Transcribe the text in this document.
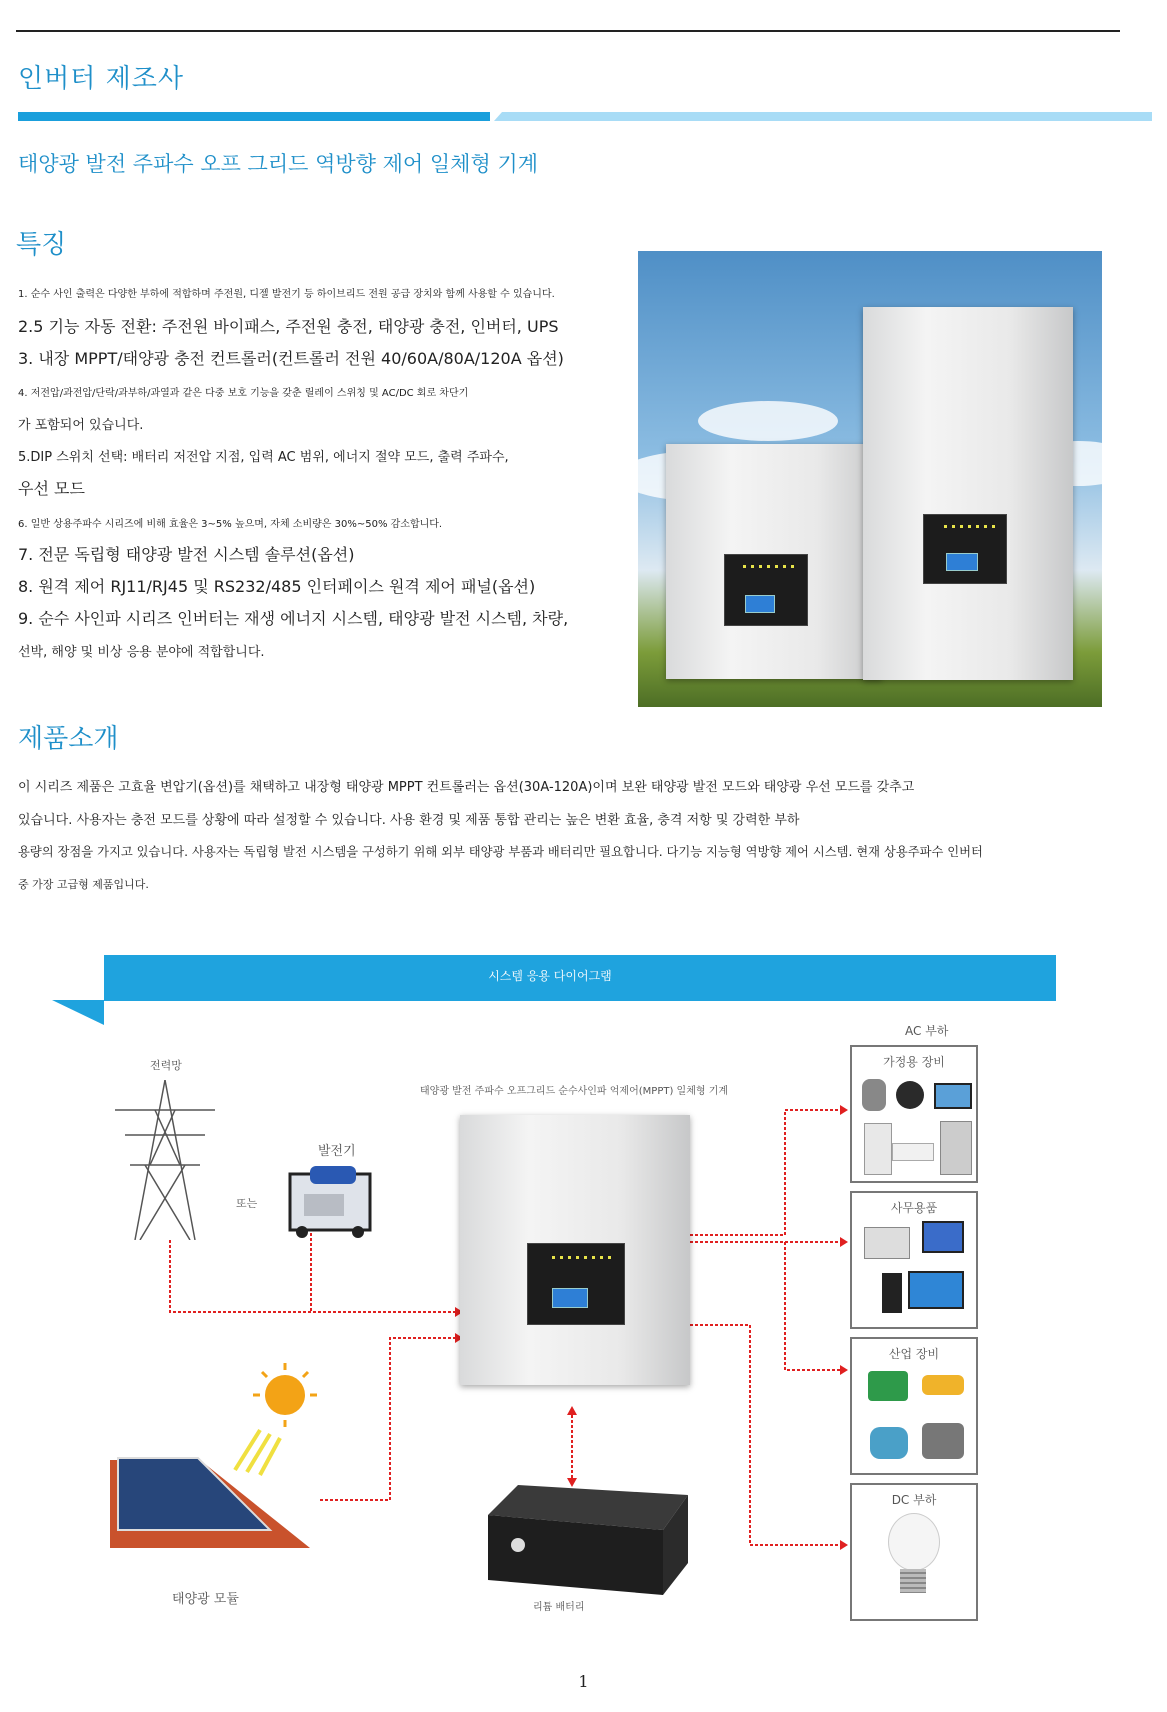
인버터 제조사
태양광 발전 주파수 오프 그리드 역방향 제어 일체형 기계
특징
1. 순수 사인 출력은 다양한 부하에 적합하며 주전원, 디젤 발전기 등 하이브리드 전원 공급 장치와 함께 사용할 수 있습니다.
2.5 기능 자동 전환: 주전원 바이패스, 주전원 충전, 태양광 충전, 인버터, UPS
3. 내장 MPPT/태양광 충전 컨트롤러(컨트롤러 전원 40/60A/80A/120A 옵션)
4. 저전압/과전압/단락/과부하/과열과 같은 다중 보호 기능을 갖춘 릴레이 스위칭 및 AC/DC 회로 차단기
가 포함되어 있습니다.
5.DIP 스위치 선택: 배터리 저전압 지점, 입력 AC 범위, 에너지 절약 모드, 출력 주파수,
우선 모드
6. 일반 상용주파수 시리즈에 비해 효율은 3~5% 높으며, 자체 소비량은 30%~50% 감소합니다.
7. 전문 독립형 태양광 발전 시스템 솔루션(옵션)
8. 원격 제어 RJ11/RJ45 및 RS232/485 인터페이스 원격 제어 패널(옵션)
9. 순수 사인파 시리즈 인버터는 재생 에너지 시스템, 태양광 발전 시스템, 차량,
선박, 해양 및 비상 응용 분야에 적합합니다.
제품소개
이 시리즈 제품은 고효율 변압기(옵션)를 채택하고 내장형 태양광 MPPT 컨트롤러는 옵션(30A-120A)이며 보완 태양광 발전 모드와 태양광 우선 모드를 갖추고
있습니다. 사용자는 충전 모드를 상황에 따라 설정할 수 있습니다. 사용 환경 및 제품 통합 관리는 높은 변환 효율, 충격 저항 및 강력한 부하
용량의 장점을 가지고 있습니다. 사용자는 독립형 발전 시스템을 구성하기 위해 외부 태양광 부품과 배터리만 필요합니다. 다기능 지능형 역방향 제어 시스템. 현재 상용주파수 인버터
중 가장 고급형 제품입니다.
시스템 응용 다이어그램
전력망
또는
발전기
태양광 발전 주파수 오프그리드 순수사인파 억제어(MPPT) 일체형 기계
태양광 모듈
리튬 배터리
AC 부하
가정용 장비
사무용품
산업 장비
DC 부하
1
